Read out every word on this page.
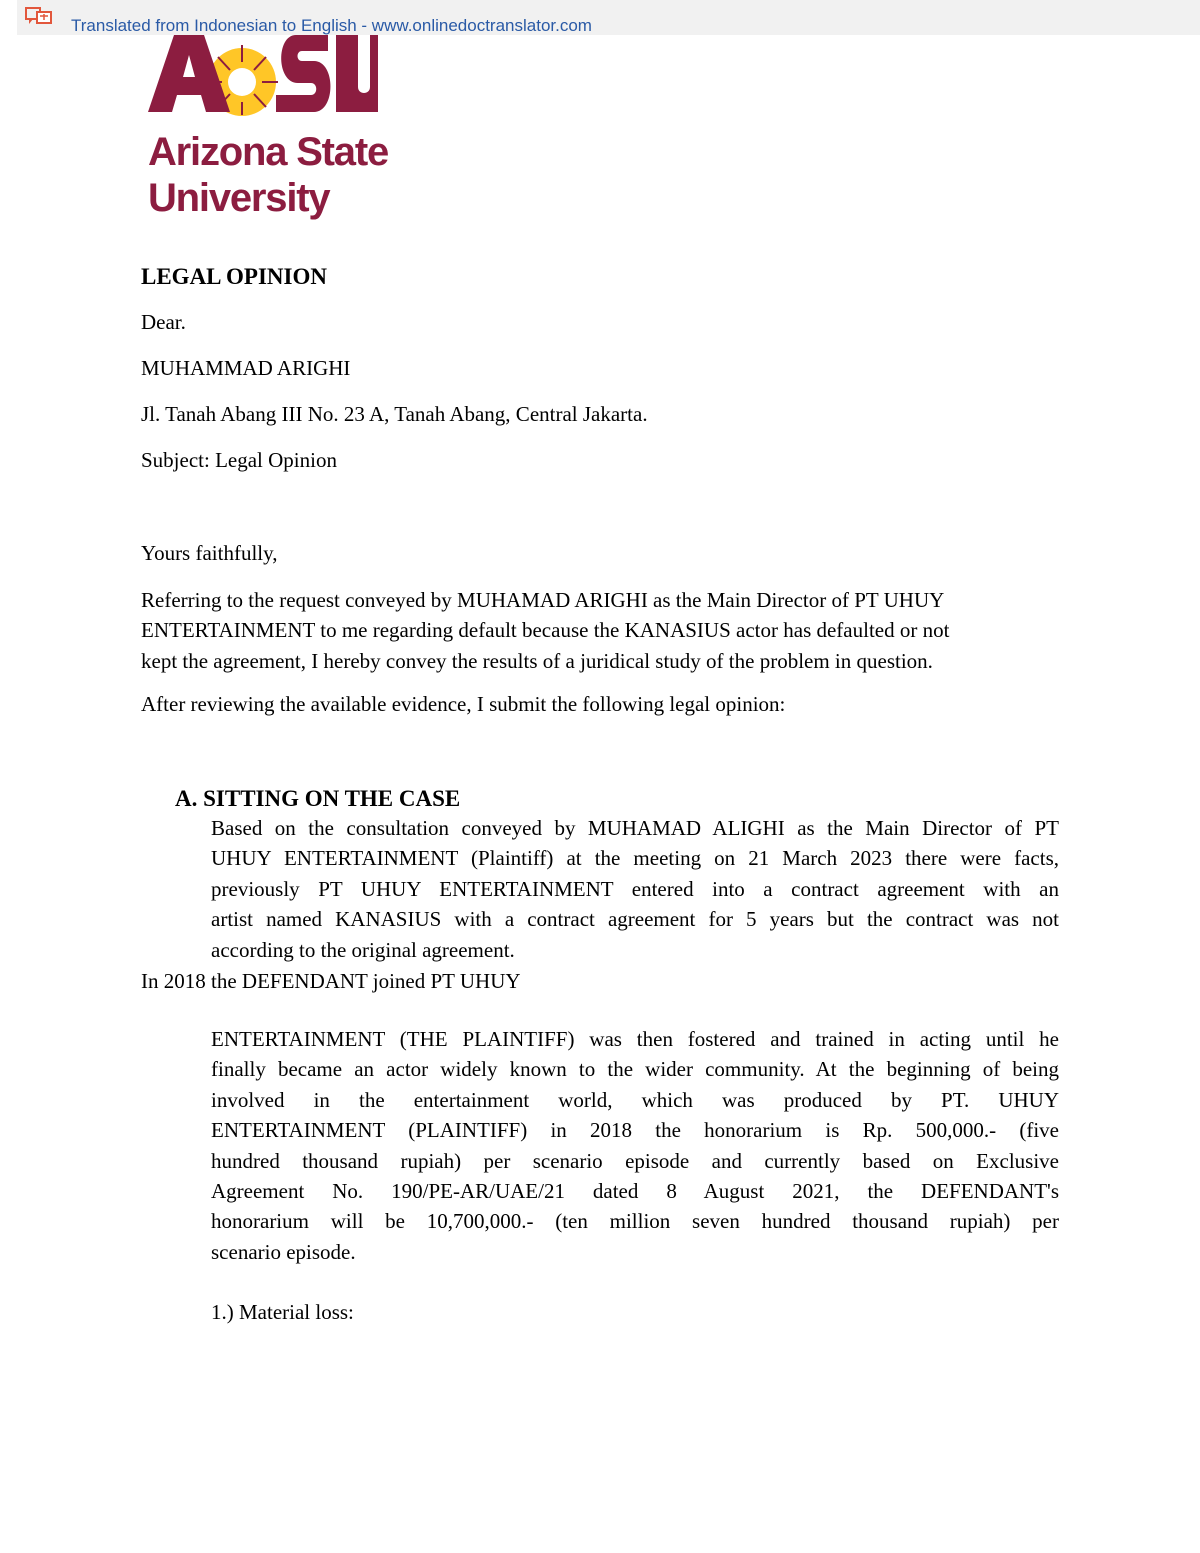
Translated from Indonesian to English - www.onlinedoctranslator.com
Arizona State
University
LEGAL OPINION
Dear.
MUHAMMAD ARIGHI
Jl. Tanah Abang III No. 23 A, Tanah Abang, Central Jakarta.
Subject: Legal Opinion
Yours faithfully,
Referring to the request conveyed by MUHAMAD ARIGHI as the Main Director of PT UHUY
ENTERTAINMENT to me regarding default because the KANASIUS actor has defaulted or not
kept the agreement, I hereby convey the results of a juridical study of the problem in question.
After reviewing the available evidence, I submit the following legal opinion:
A. SITTING ON THE CASE
Based on the consultation conveyed by MUHAMAD ALIGHI as the Main Director of PT
UHUY ENTERTAINMENT (Plaintiff) at the meeting on 21 March 2023 there were facts,
previously PT UHUY ENTERTAINMENT entered into a contract agreement with an
artist named KANASIUS with a contract agreement for 5 years but the contract was not
according to the original agreement.
In 2018 the DEFENDANT joined PT UHUY
ENTERTAINMENT (THE PLAINTIFF) was then fostered and trained in acting until he
finally became an actor widely known to the wider community. At the beginning of being
involved in the entertainment world, which was produced by PT. UHUY
ENTERTAINMENT (PLAINTIFF) in 2018 the honorarium is Rp. 500,000.- (five
hundred thousand rupiah) per scenario episode and currently based on Exclusive
Agreement No. 190/PE-AR/UAE/21 dated 8 August 2021, the DEFENDANT's
honorarium will be 10,700,000.- (ten million seven hundred thousand rupiah) per
scenario episode.
1.) Material loss:
